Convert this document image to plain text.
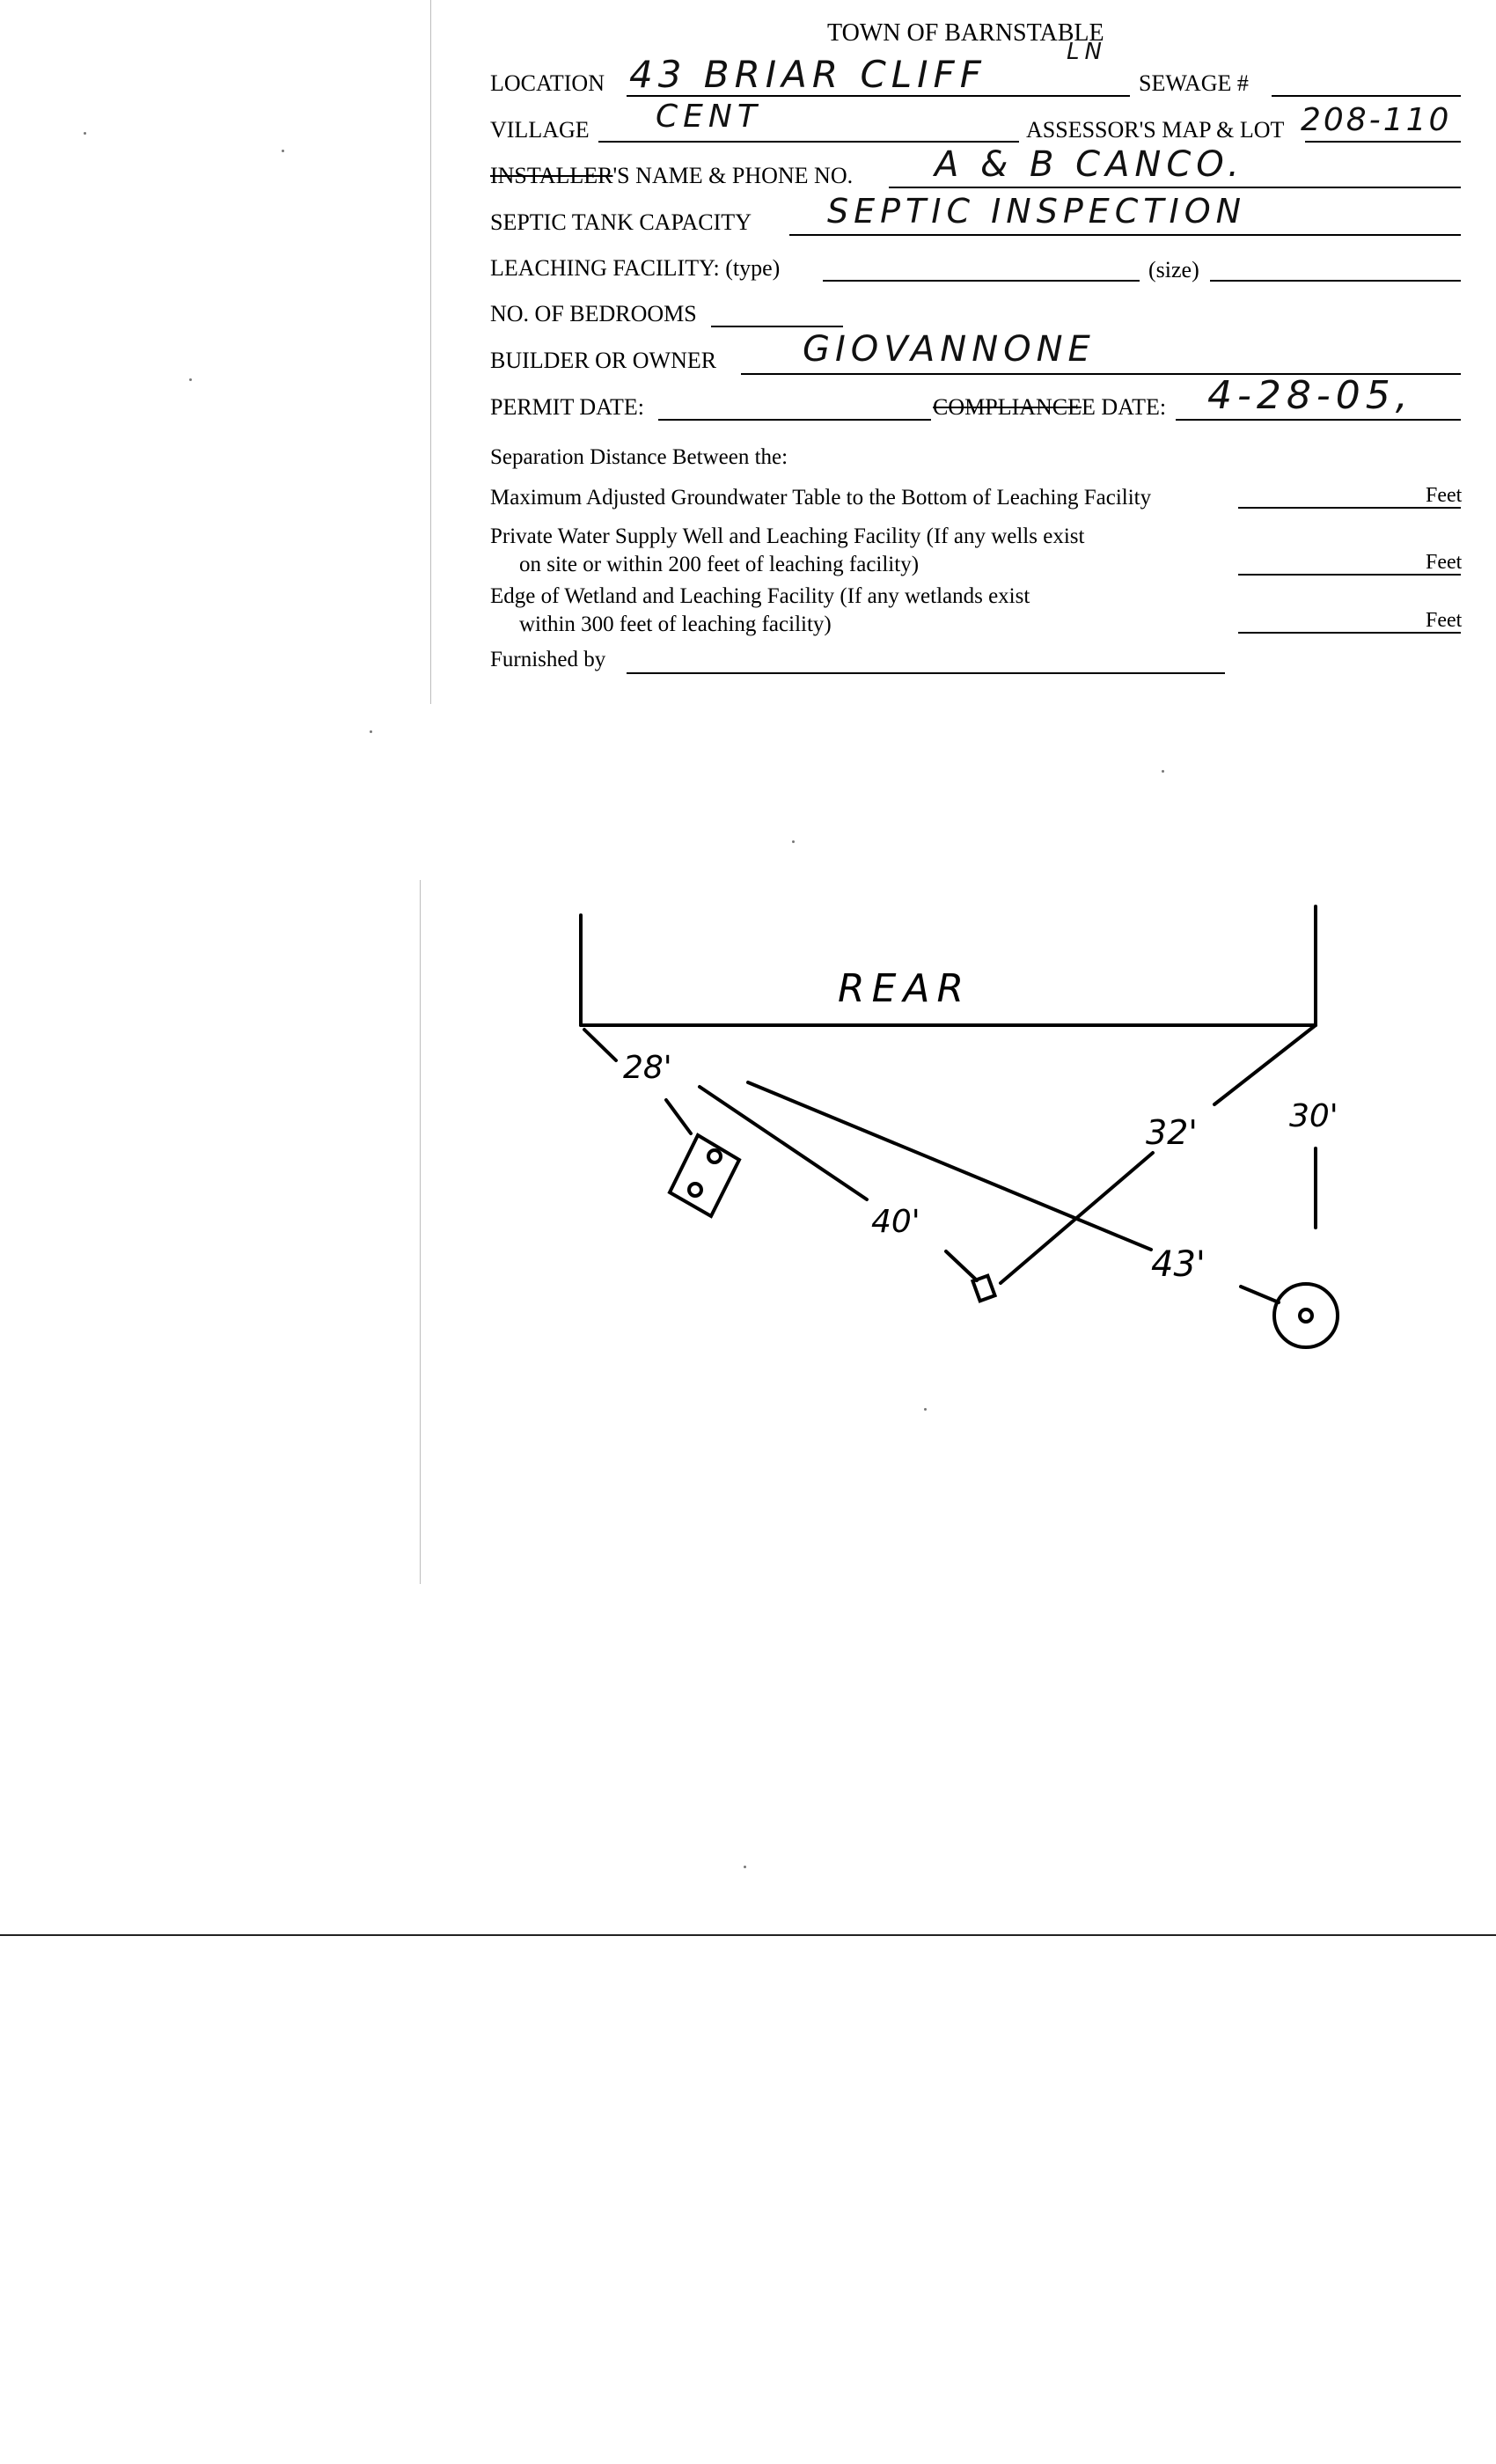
TOWN OF BARNSTABLE
LOCATION 43 BRIAR CLIFF
LN
SEWAGE #
VILLAGE CENT	ASSESSOR'S MAP & LOT 208-110
INSTALLER'S NAME & PHONE NO. A & B CANCO.
SEPTIC TANK CAPACITY SEPTIC INSPECTION
LEACHING FACILITY: (type)	(size)
NO. OF BEDROOMS
BUILDER OR OWNER GIOVANNONE
PERMIT DATE:	COMPLIANCEE DATE: 4-28-05,
Separation Distance Between the:
Maximum Adjusted Groundwater Table to the Bottom of Leaching Facility	Feet
Private Water Supply Well and Leaching Facility (If any wells exist
on site or within 200 feet of leaching facility)	Feet
Edge of Wetland and Leaching Facility (If any wetlands exist
within 300 feet of leaching facility)	Feet
Furnished by
REAR
28'
40'
32'
43'
30'
